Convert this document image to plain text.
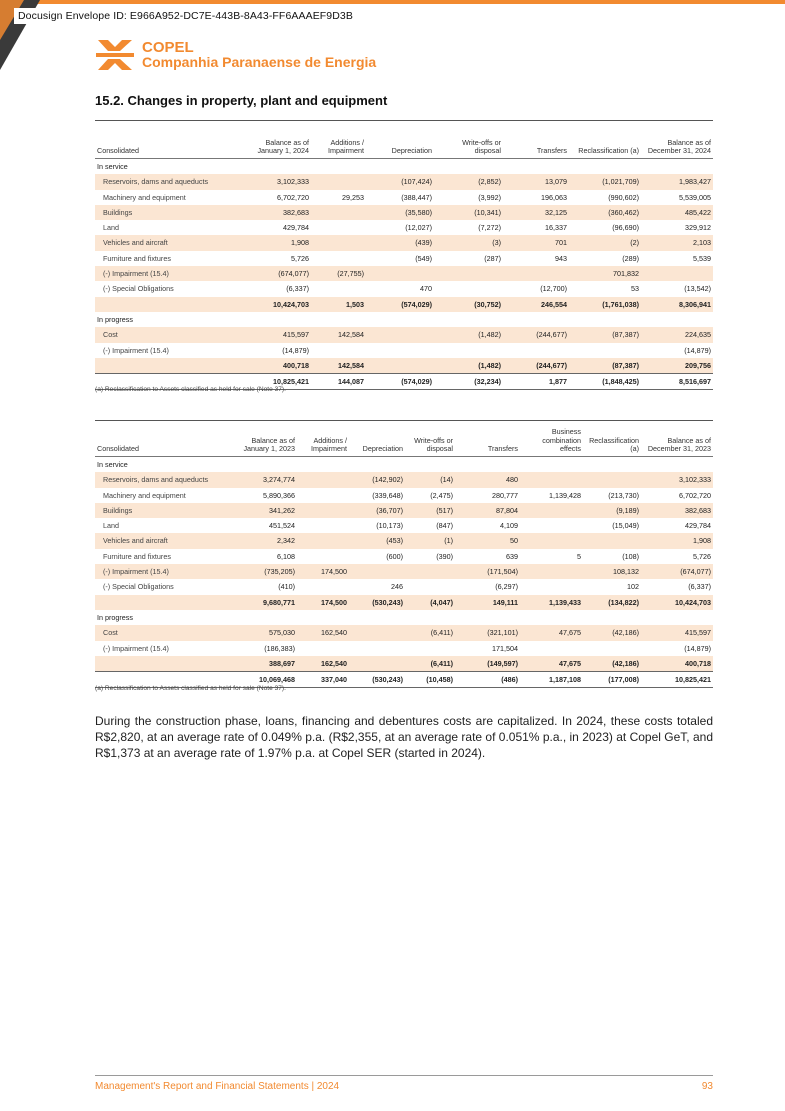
Docusign Envelope ID: E966A952-DC7E-443B-8A43-FF6AAAEF9D3B
COPEL
Companhia Paranaense de Energia
15.2. Changes in property, plant and equipment
Consolidated	Balance as of January 1, 2024	Additions / Impairment	Depreciation	Write-offs or disposal	Transfers	Reclassification (a)	Balance as of December 31, 2024
In service							
Reservoirs, dams and aqueducts	3,102,333		(107,424)	(2,852)	13,079	(1,021,709)	1,983,427
Machinery and equipment	6,702,720	29,253	(388,447)	(3,992)	196,063	(990,602)	5,539,005
Buildings	382,683		(35,580)	(10,341)	32,125	(360,462)	485,422
Land	429,784		(12,027)	(7,272)	16,337	(96,690)	329,912
Vehicles and aircraft	1,908		(439)	(3)	701	(2)	2,103
Furniture and fixtures	5,726		(549)	(287)	943	(289)	5,539
(-) Impairment (15.4)	(674,077)	(27,755)				701,832	
(-) Special Obligations	(6,337)		470		(12,700)	53	(13,542)
	10,424,703	1,503	(574,029)	(30,752)	246,554	(1,761,038)	8,306,941
In progress							
Cost	415,597	142,584		(1,482)	(244,677)	(87,387)	224,635
(-) Impairment (15.4)	(14,879)						(14,879)
	400,718	142,584		(1,482)	(244,677)	(87,387)	209,756
	10,825,421	144,087	(574,029)	(32,234)	1,877	(1,848,425)	8,516,697
(a) Reclassification to Assets classified as held for sale (Note 37).
Consolidated	Balance as of January 1, 2023	Additions / Impairment	Depreciation	Write-offs or disposal	Transfers	Business combination effects	Reclassification (a)	Balance as of December 31, 2023
In service								
Reservoirs, dams and aqueducts	3,274,774		(142,902)	(14)	480			3,102,333
Machinery and equipment	5,890,366		(339,648)	(2,475)	280,777	1,139,428	(213,730)	6,702,720
Buildings	341,262		(36,707)	(517)	87,804		(9,189)	382,683
Land	451,524		(10,173)	(847)	4,109		(15,049)	429,784
Vehicles and aircraft	2,342		(453)	(1)	50			1,908
Furniture and fixtures	6,108		(600)	(390)	639	5	(108)	5,726
(-) Impairment (15.4)	(735,205)	174,500			(171,504)		108,132	(674,077)
(-) Special Obligations	(410)		246		(6,297)		102	(6,337)
	9,680,771	174,500	(530,243)	(4,047)	149,111	1,139,433	(134,822)	10,424,703
In progress								
Cost	575,030	162,540		(6,411)	(321,101)	47,675	(42,186)	415,597
(-) Impairment (15.4)	(186,383)				171,504			(14,879)
	388,697	162,540		(6,411)	(149,597)	47,675	(42,186)	400,718
	10,069,468	337,040	(530,243)	(10,458)	(486)	1,187,108	(177,008)	10,825,421
(a) Reclassification to Assets classified as held for sale (Note 37).
During the construction phase, loans, financing and debentures costs are capitalized. In 2024, these costs totaled R$2,820, at an average rate of 0.049% p.a. (R$2,355, at an average rate of 0.051% p.a., in 2023) at Copel GeT, and R$1,373 at an average rate of 1.97% p.a. at Copel SER (started in 2024).
Management's Report and Financial Statements | 2024	93
